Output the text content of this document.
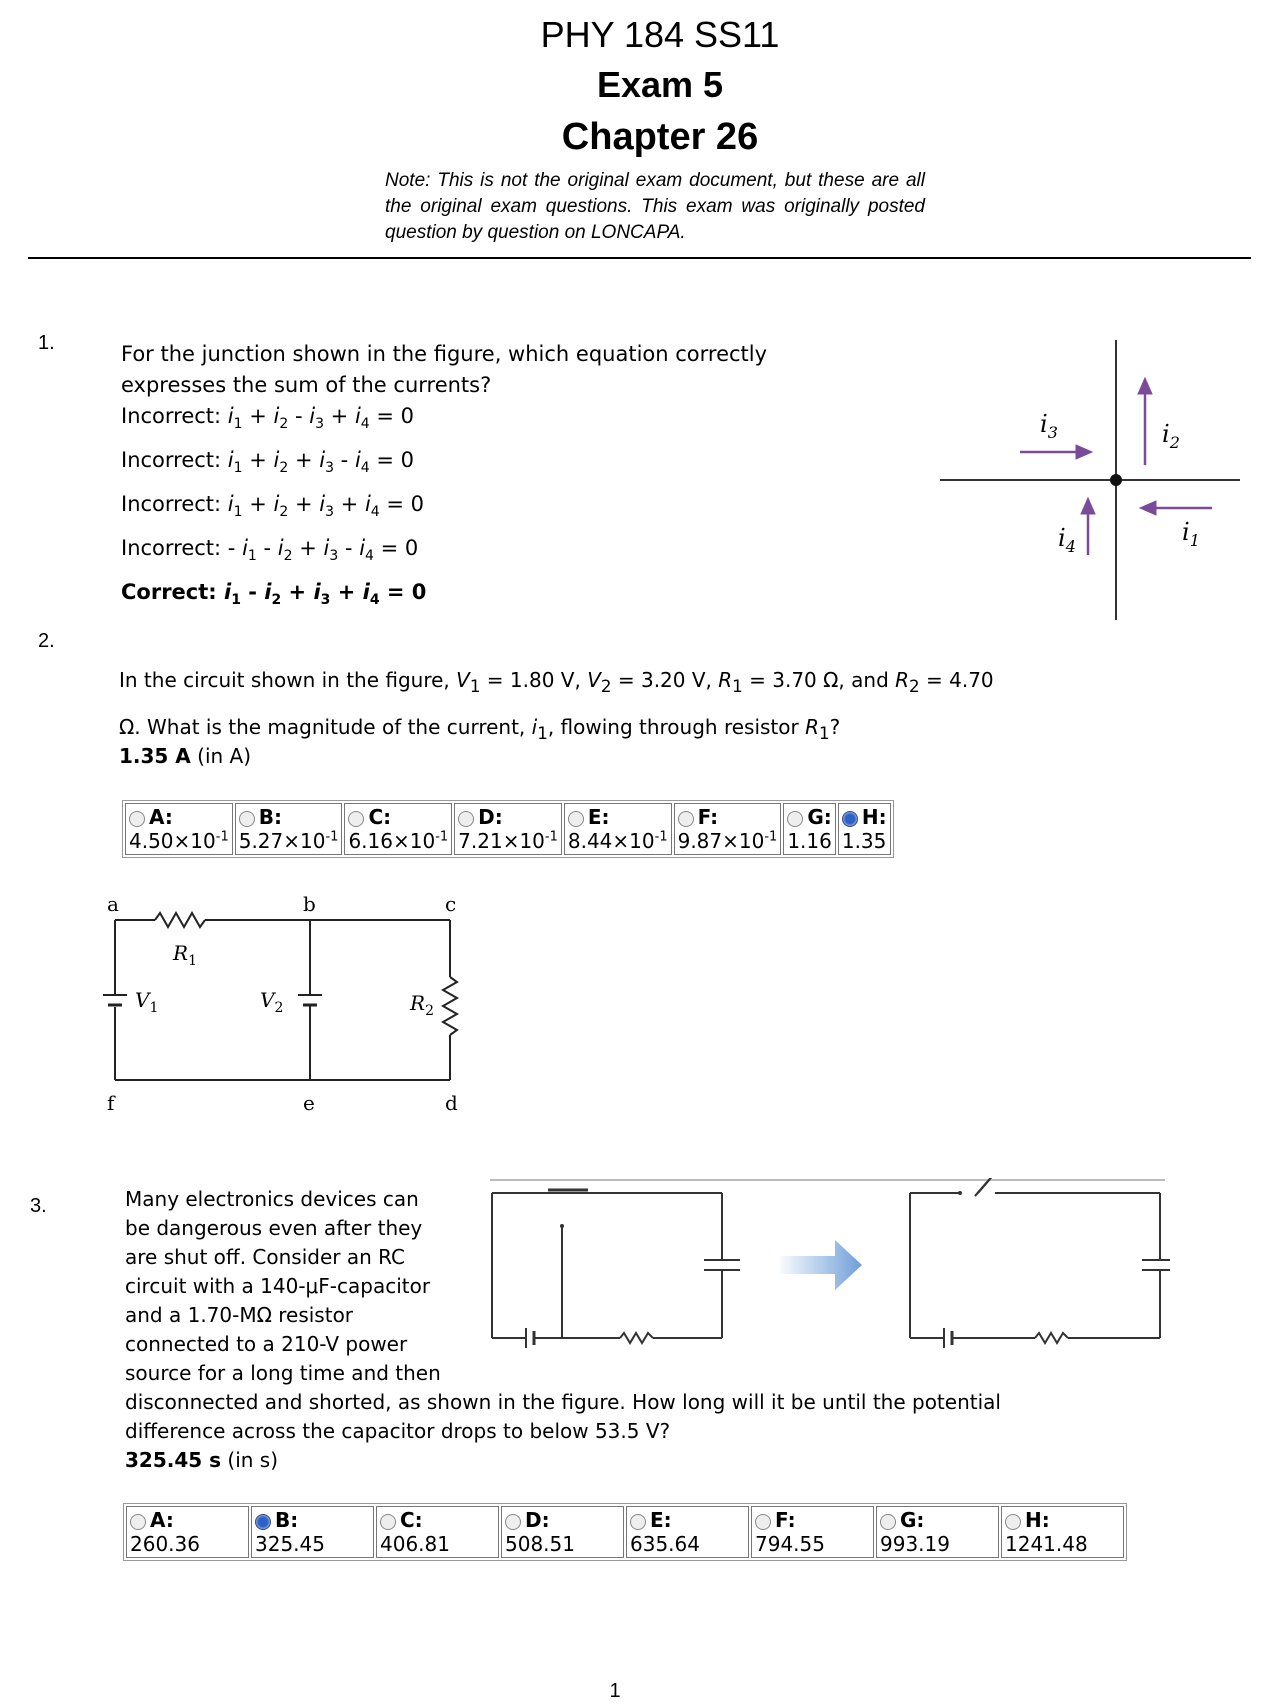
PHY 184 SS11
Exam 5
Chapter 26
Note: This is not the original exam document, but these are all the original exam questions. This exam was originally posted question by question on LONCAPA.
1.	For the junction shown in the figure, which equation correctly
expresses the sum of the currents?
Incorrect: $i_1 + i_2 - i_3 + i_4 = 0$
Incorrect: $i_1 + i_2 + i_3 - i_4 = 0$
Incorrect: $i_1 + i_2 + i_3 + i_4 = 0$
Incorrect: - $i_1 - i_2 + i_3 - i_4 = 0$
Correct: $i_1 - i_2 + i_3 + i_4 = 0$
$i_3$	$i_2$
$i_4$
$i_1$
2.
In the circuit shown in the figure, $V_1 = 1.80$ V, $V_2 = 3.20$ V, $R_1 = 3.70$ Ω, and $R_2 = 4.70$ Ω. What is the magnitude of the current, $i_1$, flowing through resistor $R_1$?
1.35 A (in A)
A:
$4.50\times 10^{-1}$

B:
$5.27\times 10^{-1}$

C:
$6.16\times 10^{-1}$

D:
$7.21\times 10^{-1}$

E:
$8.44\times 10^{-1}$

F:
$9.87\times 10^{-1}$

G:
1.16

H:
1.35
a	b	c
d
e
f
$R_1$
$V_1$	$V_2$	$R_2$
3.	Many electronics devices can
be dangerous even after they
are shut off. Consider an RC
circuit with a 140-μF-capacitor
and a 1.70-MΩ resistor
connected to a 210-V power
source for a long time and then
disconnected and shorted, as shown in the figure. How long will it be until the potential
difference across the capacitor drops to below 53.5 V?
325.45 s (in s)
A:
260.36

B:
325.45

C:
406.81

D:
508.51

E:
635.64

F:
794.55

G:
993.19

H:
1241.48
1
